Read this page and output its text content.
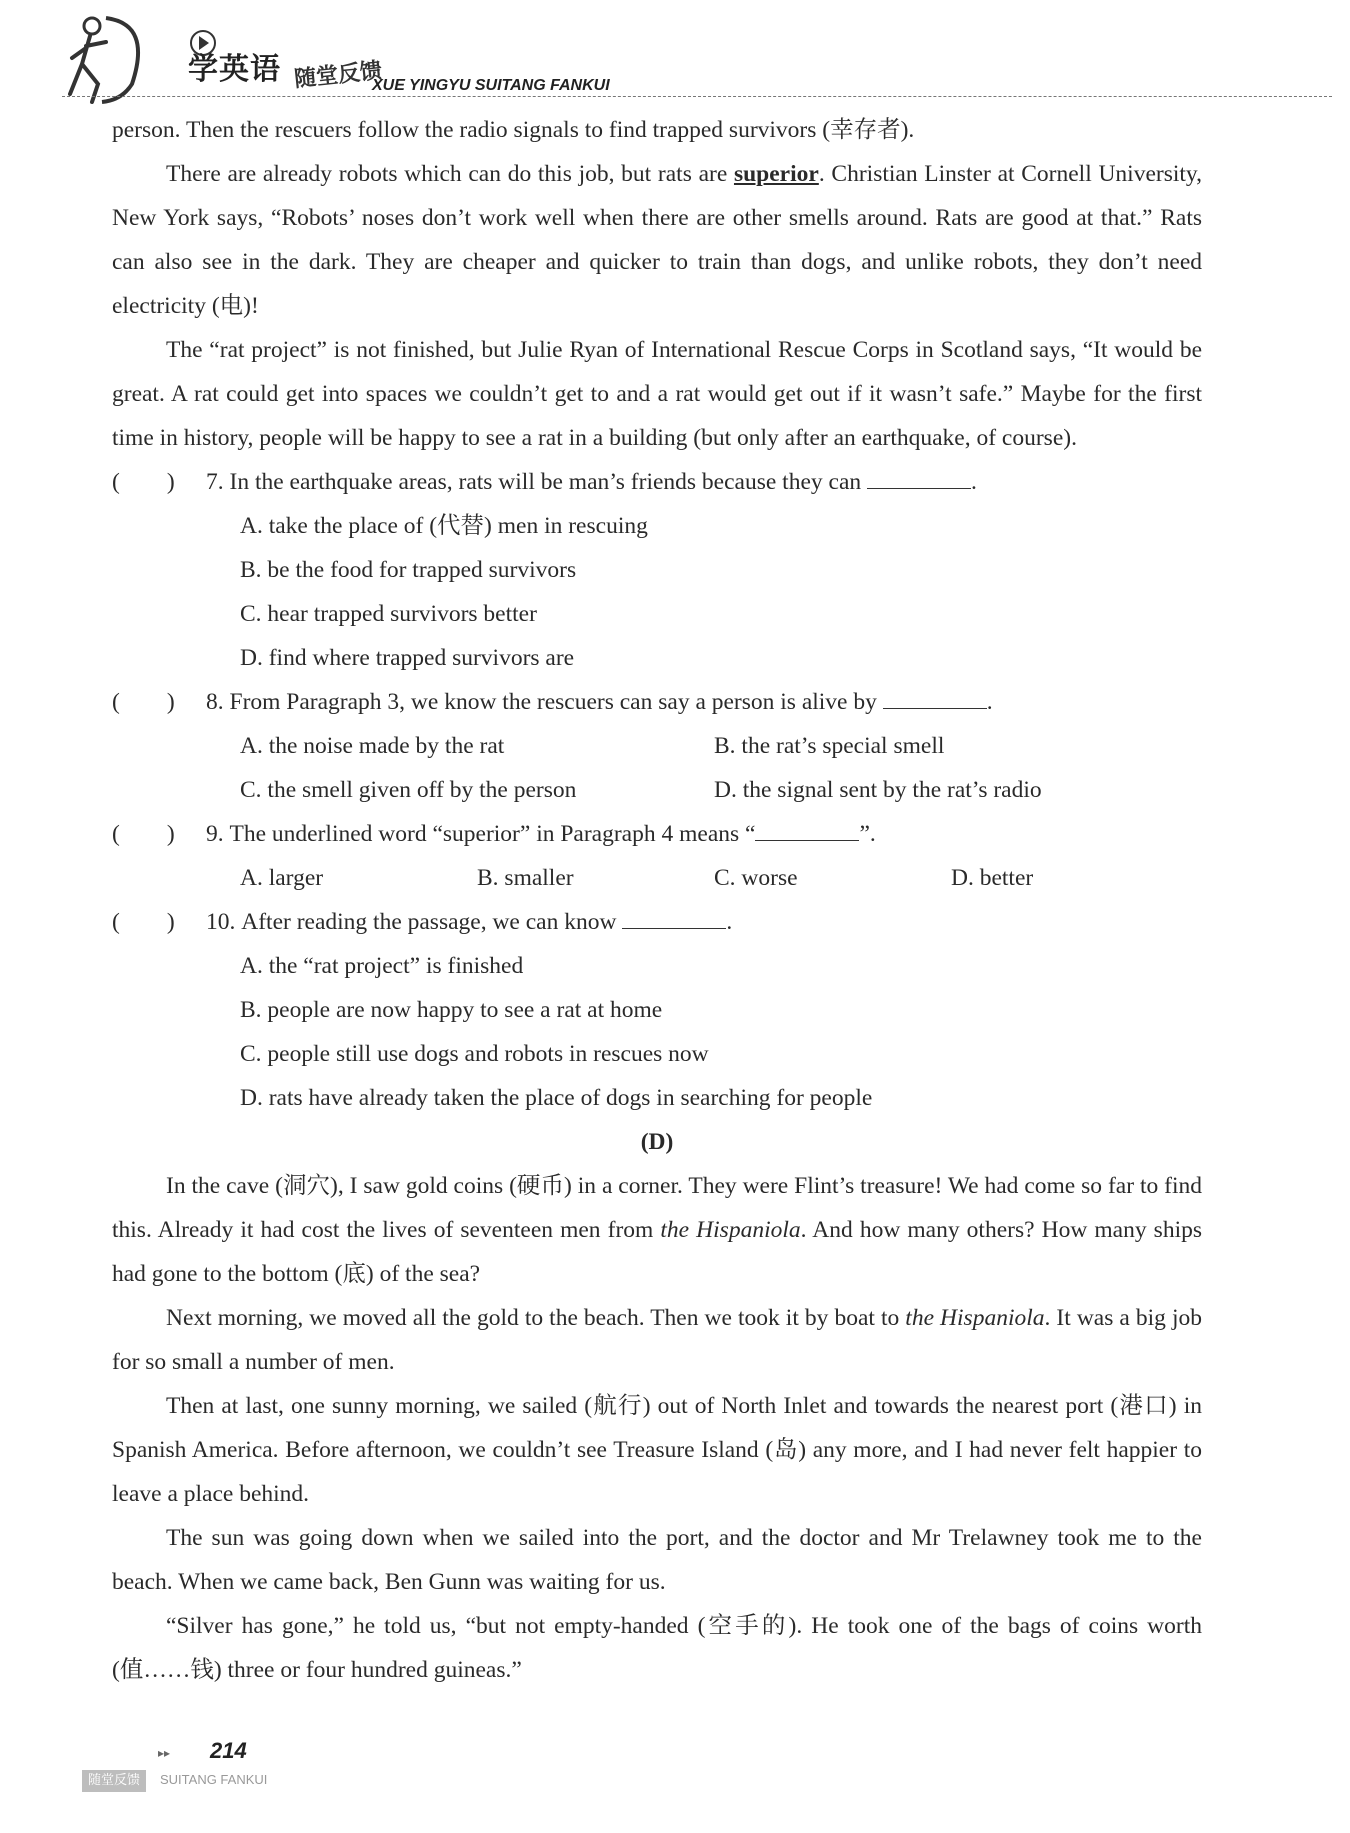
学英语 随堂反馈
XUE YINGYU SUITANG FANKUI

person. Then the rescuers follow the radio signals to find trapped survivors (幸存者).

There are already robots which can do this job, but rats are superior. Christian Linster at Cornell University, New York says, “Robots’ noses don’t work well when there are other smells around. Rats are good at that.” Rats can also see in the dark. They are cheaper and quicker to train than dogs, and unlike robots, they don’t need electricity (电)!

The “rat project” is not finished, but Julie Ryan of International Rescue Corps in Scotland says, “It would be great. A rat could get into spaces we couldn’t get to and a rat would get out if it wasn’t safe.” Maybe for the first time in history, people will be happy to see a rat in a building (but only after an earthquake, of course).

(　　)	7. In the earthquake areas, rats will be man’s friends because they can	.
A. take the place of (代替) men in rescuing
B. be the food for trapped survivors
C. hear trapped survivors better
D. find where trapped survivors are
(　　)	8. From Paragraph 3, we know the rescuers can say a person is alive by	.
A. the noise made by the rat	B. the rat’s special smell
C. the smell given off by the person	D. the signal sent by the rat’s radio
(　　)	9. The underlined word “superior” in Paragraph 4 means “	”.
A. larger	B. smaller	C. worse	D. better
(　　)	10. After reading the passage, we can know	.
A. the “rat project” is finished
B. people are now happy to see a rat at home
C. people still use dogs and robots in rescues now
D. rats have already taken the place of dogs in searching for people
(D)

In the cave (洞穴), I saw gold coins (硬币) in a corner. They were Flint’s treasure! We had come so far to find this. Already it had cost the lives of seventeen men from the Hispaniola. And how many others? How many ships had gone to the bottom (底) of the sea?

Next morning, we moved all the gold to the beach. Then we took it by boat to the Hispaniola. It was a big job for so small a number of men.

Then at last, one sunny morning, we sailed (航行) out of North Inlet and towards the nearest port (港口) in Spanish America. Before afternoon, we couldn’t see Treasure Island (岛) any more, and I had never felt happier to leave a place behind.

The sun was going down when we sailed into the port, and the doctor and Mr Trelawney took me to the beach. When we came back, Ben Gunn was waiting for us.

“Silver has gone,” he told us, “but not empty-handed (空手的). He took one of the bags of coins worth (值……钱) three or four hundred guineas.”

▸▸ 214
随堂反馈	SUITANG FANKUI
